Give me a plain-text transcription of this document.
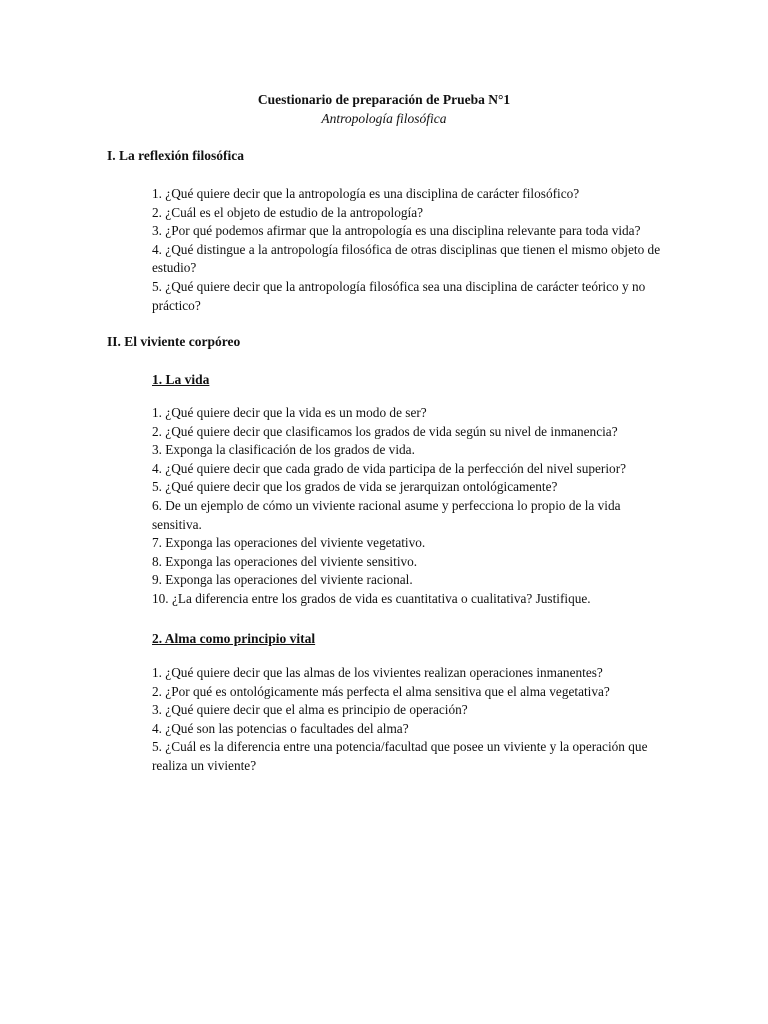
Cuestionario de preparación de Prueba N°1
Antropología filosófica
I. La reflexión filosófica
1. ¿Qué quiere decir que la antropología es una disciplina de carácter filosófico?
2. ¿Cuál es el objeto de estudio de la antropología?
3. ¿Por qué podemos afirmar que la antropología es una disciplina relevante para toda vida?
4. ¿Qué distingue a la antropología filosófica de otras disciplinas que tienen el mismo objeto de estudio?
5. ¿Qué quiere decir que la antropología filosófica sea una disciplina de carácter teórico y no práctico?
II. El viviente corpóreo
1. La vida
1. ¿Qué quiere decir que la vida es un modo de ser?
2. ¿Qué quiere decir que clasificamos los grados de vida según su nivel de inmanencia?
3. Exponga la clasificación de los grados de vida.
4. ¿Qué quiere decir que cada grado de vida participa de la perfección del nivel superior?
5. ¿Qué quiere decir que los grados de vida se jerarquizan ontológicamente?
6. De un ejemplo de cómo un viviente racional asume y perfecciona lo propio de la vida sensitiva.
7. Exponga las operaciones del viviente vegetativo.
8. Exponga las operaciones del viviente sensitivo.
9. Exponga las operaciones del viviente racional.
10. ¿La diferencia entre los grados de vida es cuantitativa o cualitativa? Justifique.
2. Alma como principio vital
1. ¿Qué quiere decir que las almas de los vivientes realizan operaciones inmanentes?
2. ¿Por qué es ontológicamente más perfecta el alma sensitiva que el alma vegetativa?
3. ¿Qué quiere decir que el alma es principio de operación?
4. ¿Qué son las potencias o facultades del alma?
5. ¿Cuál es la diferencia entre una potencia/facultad que posee un viviente y la operación que realiza un viviente?
